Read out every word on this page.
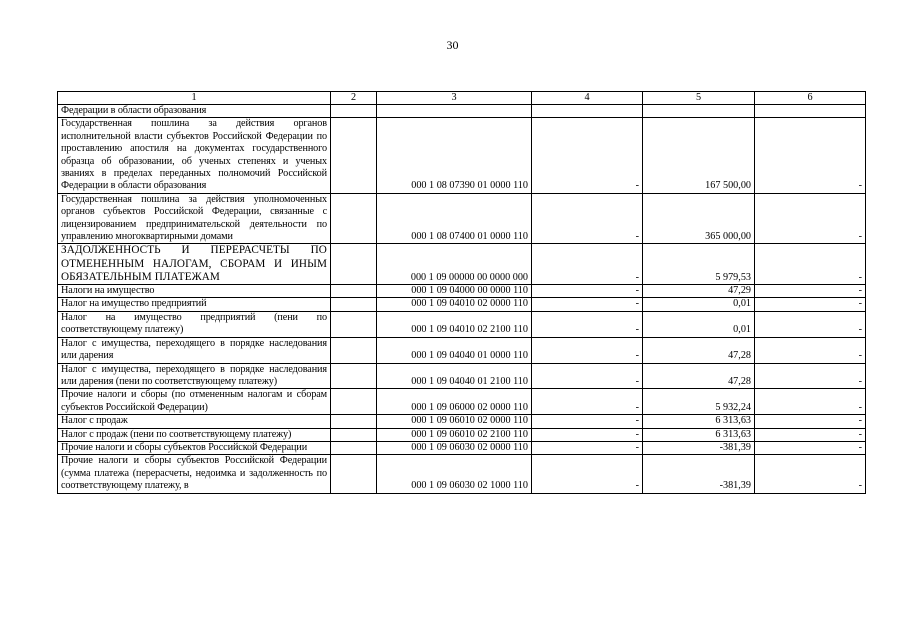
30
1	2	3	4	5	6
Федерации в области образования					
Государственная пошлина за действия органов исполнительной власти субъектов Российской Федерации по проставлению апостиля на документах государственного образца об образовании, об ученых степенях и ученых званиях в пределах переданных полномочий Российской Федерации в области образования		000 1 08 07390 01 0000 110	-	167 500,00	-
Государственная пошлина за действия уполномоченных органов субъектов Российской Федерации, связанные с лицензированием предпринимательской деятельности по управлению многоквартирными домами		000 1 08 07400 01 0000 110	-	365 000,00	-
ЗАДОЛЖЕННОСТЬ И ПЕРЕРАСЧЕТЫ ПО ОТМЕНЕННЫМ НАЛОГАМ, СБОРАМ И ИНЫМ ОБЯЗАТЕЛЬНЫМ ПЛАТЕЖАМ		000 1 09 00000 00 0000 000	-	5 979,53	-
Налоги на имущество		000 1 09 04000 00 0000 110	-	47,29	-
Налог на имущество предприятий		000 1 09 04010 02 0000 110	-	0,01	-
Налог на имущество предприятий (пени по соответствующему платежу)		000 1 09 04010 02 2100 110	-	0,01	-
Налог с имущества, переходящего в порядке наследования или дарения		000 1 09 04040 01 0000 110	-	47,28	-
Налог с имущества, переходящего в порядке наследования или дарения (пени по соответствующему платежу)		000 1 09 04040 01 2100 110	-	47,28	-
Прочие налоги и сборы (по отмененным налогам и сборам субъектов Российской Федерации)		000 1 09 06000 02 0000 110	-	5 932,24	-
Налог с продаж		000 1 09 06010 02 0000 110	-	6 313,63	-
Налог с продаж (пени по соответствующему платежу)		000 1 09 06010 02 2100 110	-	6 313,63	-
Прочие налоги и сборы субъектов Российской Федерации		000 1 09 06030 02 0000 110	-	-381,39	-
Прочие налоги и сборы субъектов Российской Федерации (сумма платежа (перерасчеты, недоимка и задолженность по соответствующему платежу, в		000 1 09 06030 02 1000 110	-	-381,39	-
